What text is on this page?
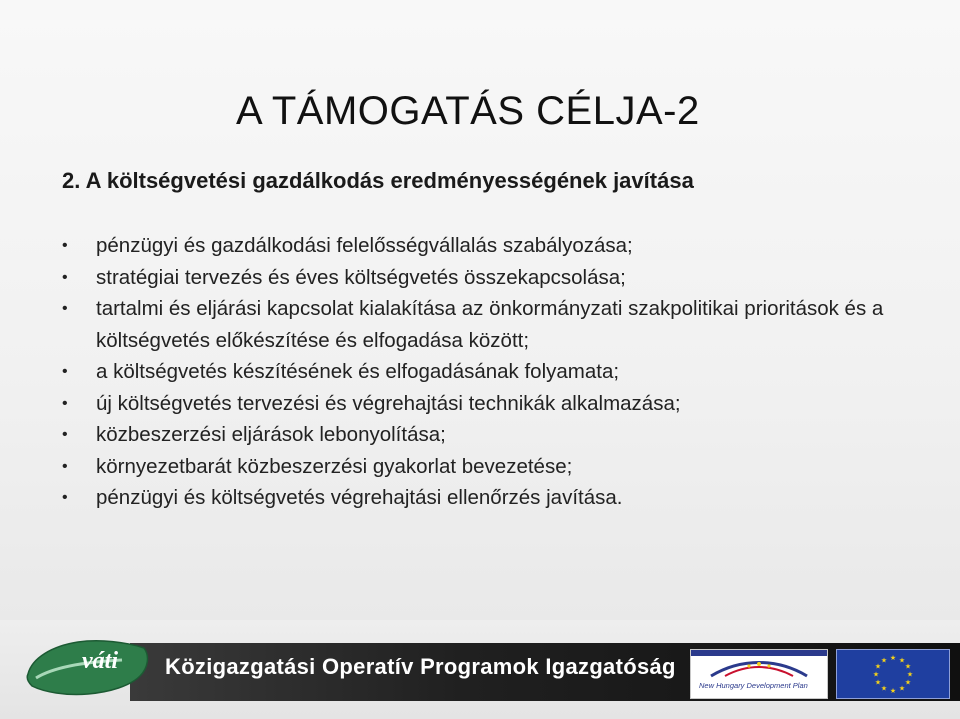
A TÁMOGATÁS CÉLJA-2
2. A költségvetési gazdálkodás eredményességének javítása
•	pénzügyi és gazdálkodási felelősségvállalás szabályozása;
•	stratégiai tervezés és éves költségvetés összekapcsolása;
•	tartalmi és eljárási kapcsolat kialakítása az önkormányzati szakpolitikai prioritások és a költségvetés előkészítése és elfogadása között;
•	a költségvetés készítésének és elfogadásának folyamata;
•	új költségvetés tervezési és végrehajtási technikák alkalmazása;
•	közbeszerzési eljárások lebonyolítása;
•	környezetbarát közbeszerzési gyakorlat bevezetése;
•	pénzügyi és költségvetés végrehajtási ellenőrzés javítása.
Közigazgatási Operatív Programok Igazgatóság
váti
New Hungary Development Plan
★ ★
★
★
★
★
★
★
★
★
★
★
